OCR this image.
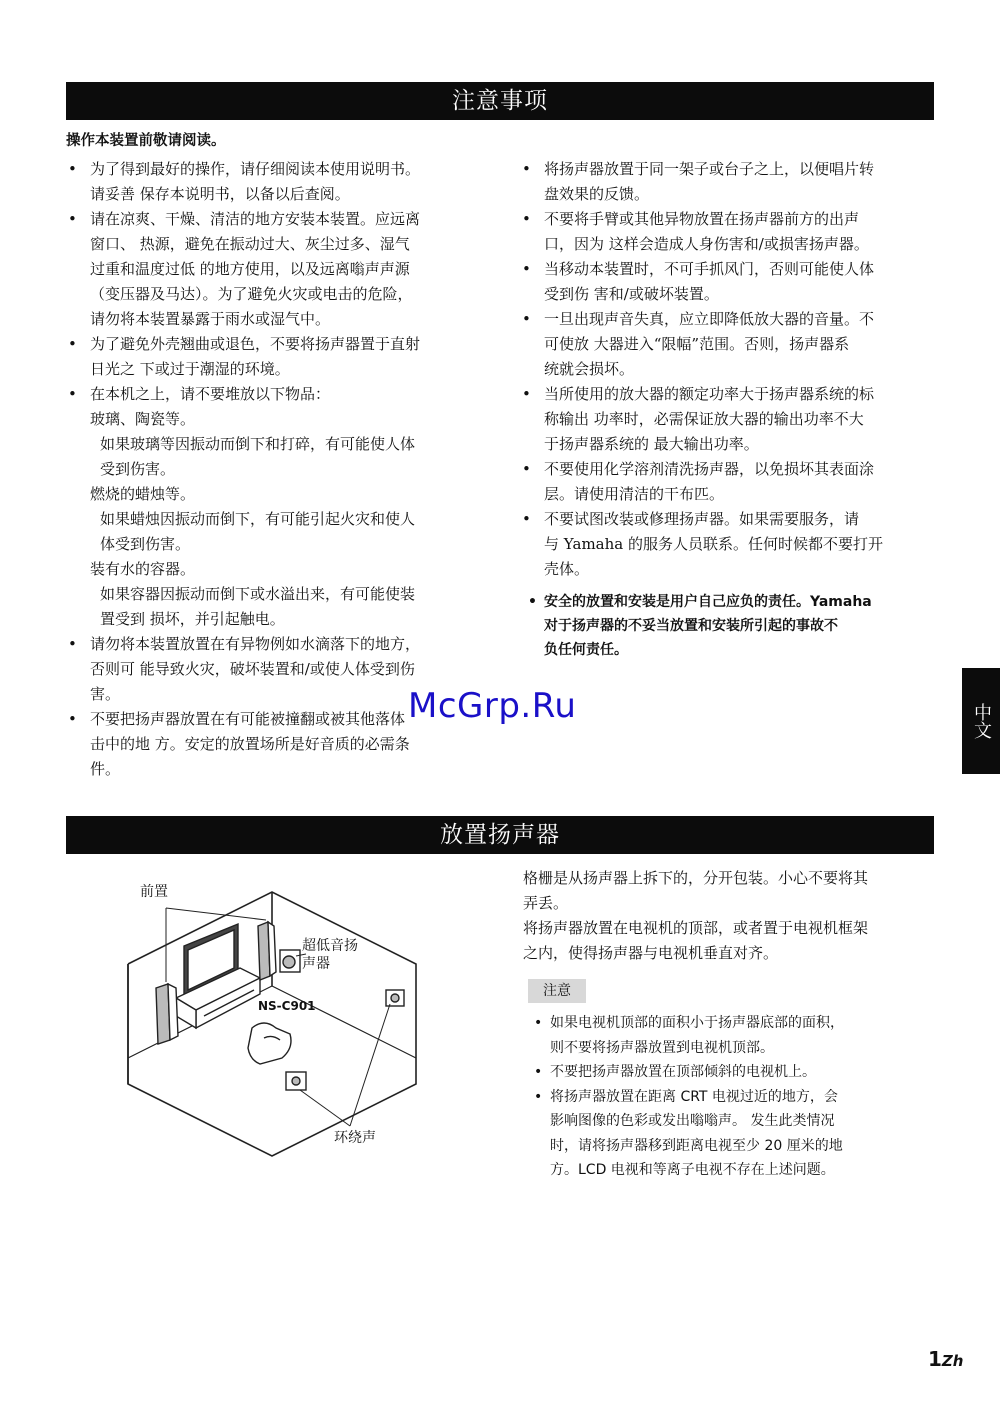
注意事项
操作本装置前敬请阅读。
• 为了得到最好的操作，请仔细阅读本使用说明书。
请妥善 保存本说明书，以备以后查阅。
• 请在凉爽、干燥、清洁的地方安装本装置。应远离
窗口、 热源，避免在振动过大、灰尘过多、湿气
过重和温度过低 的地方使用，以及远离嗡声声源
（变压器及马达）。为了避免火灾或电击的危险，
请勿将本装置暴露于雨水或湿气中。
• 为了避免外壳翘曲或退色，不要将扬声器置于直射
日光之 下或过于潮湿的环境。
• 在本机之上，请不要堆放以下物品：
玻璃、陶瓷等。
如果玻璃等因振动而倒下和打碎，有可能使人体
受到伤害。
燃烧的蜡烛等。
如果蜡烛因振动而倒下，有可能引起火灾和使人
体受到伤害。
装有水的容器。
如果容器因振动而倒下或水溢出来，有可能使装
置受到 损坏，并引起触电。
• 请勿将本装置放置在有异物例如水滴落下的地方，
否则可 能导致火灾，破坏装置和/或使人体受到伤
害。
• 不要把扬声器放置在有可能被撞翻或被其他落体
击中的地 方。安定的放置场所是好音质的必需条
件。
• 将扬声器放置于同一架子或台子之上，以便唱片转
盘效果的反馈。
• 不要将手臂或其他异物放置在扬声器前方的出声
口，因为 这样会造成人身伤害和/或损害扬声器。
• 当移动本装置时，不可手抓风门，否则可能使人体
受到伤 害和/或破坏装置。
• 一旦出现声音失真，应立即降低放大器的音量。不
可使放 大器进入“限幅”范围。否则，扬声器系
统就会损坏。
• 当所使用的放大器的额定功率大于扬声器系统的标
称输出 功率时，必需保证放大器的输出功率不大
于扬声器系统的 最大输出功率。
• 不要使用化学溶剂清洗扬声器，以免损坏其表面涂
层。请使用清洁的干布匹。
• 不要试图改装或修理扬声器。如果需要服务，请
与 Yamaha 的服务人员联系。任何时候都不要打开
壳体。
• 安全的放置和安装是用户自己应负的责任。Yamaha
对于扬声器的不妥当放置和安装所引起的事故不
负任何责任。
McGrp.Ru	中文
放置扬声器
前置
超低音扬
声器
NS-C901
环绕声
格栅是从扬声器上拆下的，分开包装。小心不要将其
弄丢。
将扬声器放置在电视机的顶部，或者置于电视机框架
之内，使得扬声器与电视机垂直对齐。
注意
• 如果电视机顶部的面积小于扬声器底部的面积，
则不要将扬声器放置到电视机顶部。
• 不要把扬声器放置在顶部倾斜的电视机上。
• 将扬声器放置在距离 CRT 电视过近的地方，会
影响图像的色彩或发出嗡嗡声。 发生此类情况
时，请将扬声器移到距离电视至少 20 厘米的地
方。LCD 电视和等离子电视不存在上述问题。
1Zh
